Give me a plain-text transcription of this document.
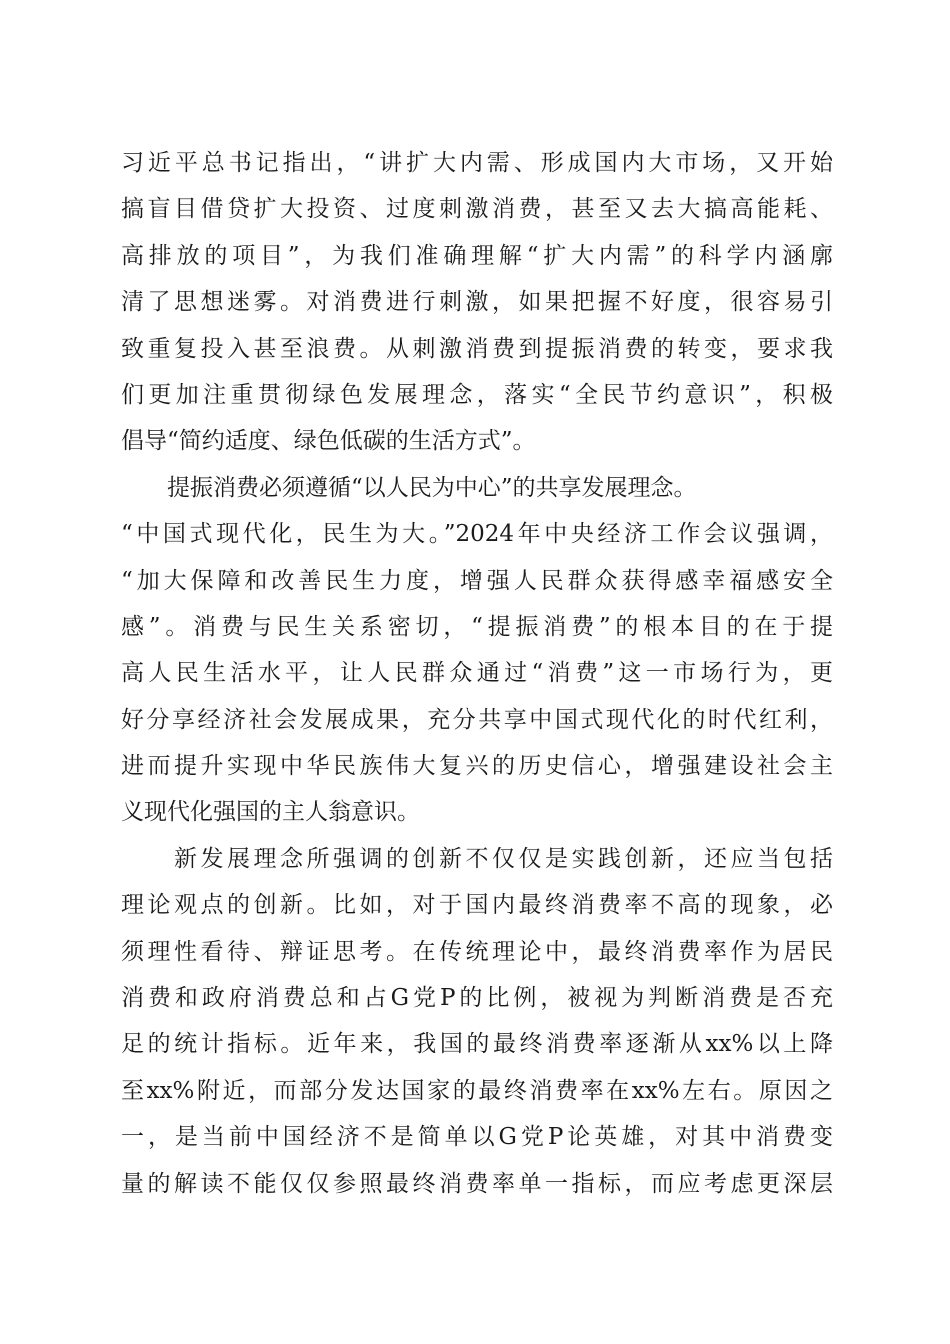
习近平总书记指出，“讲扩大内需、形成国内大市场，又开始
搞盲目借贷扩大投资、过度刺激消费，甚至又去大搞高能耗、
高排放的项目”，为我们准确理解“扩大内需”的科学内涵廓
清了思想迷雾。对消费进行刺激，如果把握不好度，很容易引
致重复投入甚至浪费。从刺激消费到提振消费的转变，要求我
们更加注重贯彻绿色发展理念，落实“全民节约意识”，积极
倡导“简约适度、绿色低碳的生活方式”。
　　提振消费必须遵循“以人民为中心”的共享发展理念。
“中国式现代化，民生为大。”2024年中央经济工作会议强调，
“加大保障和改善民生力度，增强人民群众获得感幸福感安全
感”。消费与民生关系密切，“提振消费”的根本目的在于提
高人民生活水平，让人民群众通过“消费”这一市场行为，更
好分享经济社会发展成果，充分共享中国式现代化的时代红利，
进而提升实现中华民族伟大复兴的历史信心，增强建设社会主
义现代化强国的主人翁意识。
　　新发展理念所强调的创新不仅仅是实践创新，还应当包括
理论观点的创新。比如，对于国内最终消费率不高的现象，必
须理性看待、辩证思考。在传统理论中，最终消费率作为居民
消费和政府消费总和占G党P的比例，被视为判断消费是否充
足的统计指标。近年来，我国的最终消费率逐渐从xx%以上降
至xx%附近，而部分发达国家的最终消费率在xx%左右。原因之
一，是当前中国经济不是简单以G党P论英雄，对其中消费变
量的解读不能仅仅参照最终消费率单一指标，而应考虑更深层
